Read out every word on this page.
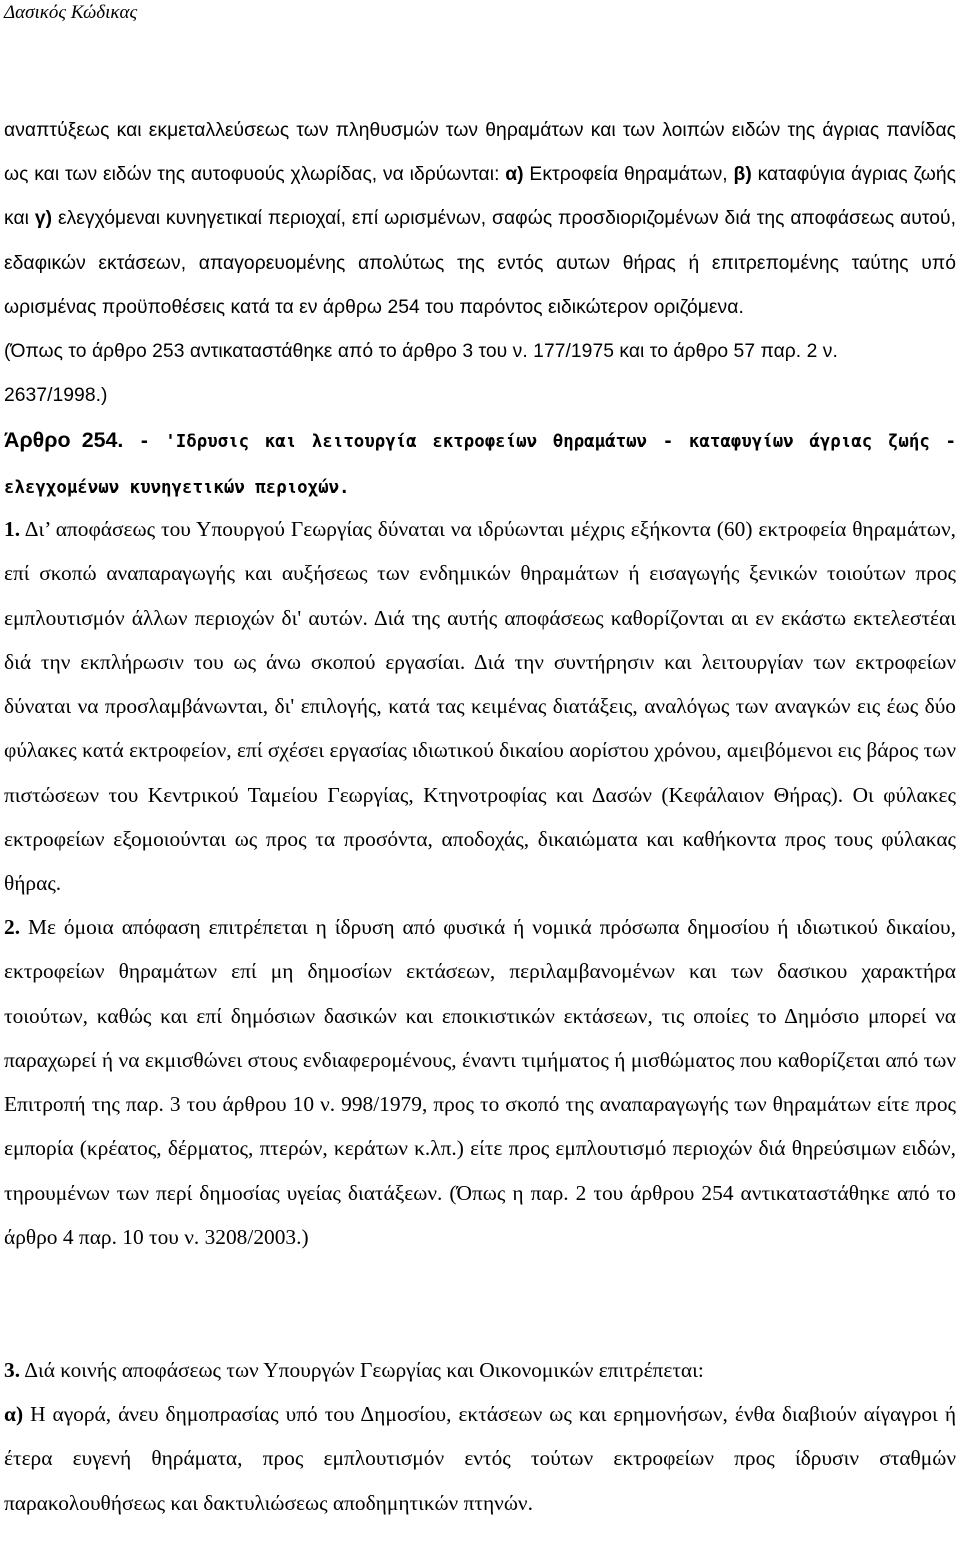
Δασικός Κώδικας

αναπτύξεως και εκμεταλλεύσεως των πληθυσμών των θηραμάτων και των λοιπών ειδών της άγριας πανίδας ως και των ειδών της αυτοφυούς χλωρίδας, να ιδρύωνται: α) Εκτροφεία θηραμάτων, β) καταφύγια άγριας ζωής και γ) ελεγχόμεναι κυνηγετικαί περιοχαί, επί ωρισμένων, σαφώς προσδιοριζομένων διά της αποφάσεως αυτού, εδαφικών εκτάσεων, απαγορευομένης απολύτως της εντός αυτων θήρας ή επιτρεπομένης ταύτης υπό ωρισμένας προϋποθέσεις κατά τα εν άρθρω 254 του παρόντος ειδικώτερον οριζόμενα.

(Όπως το άρθρο 253 αντικαταστάθηκε από το άρθρο 3 του ν. 177/1975 και το άρθρο 57 παρ. 2 ν. 2637/1998.)

Άρθρο 254. - 'Ιδρυσις και λειτουργία εκτροφείων θηραμάτων - καταφυγίων άγριας ζωής - ελεγχομένων κυνηγετικών περιοχών.

1. Δι’ αποφάσεως του Υπουργού Γεωργίας δύναται να ιδρύωνται μέχρις εξήκοντα (60) εκτροφεία θηραμάτων, επί σκοπώ αναπαραγωγής και αυξήσεως των ενδημικών θηραμάτων ή εισαγωγής ξενικών τοιούτων προς εμπλουτισμόν άλλων περιοχών δι' αυτών. Διά της αυτής αποφάσεως καθορίζονται αι εν εκάστω εκτελεστέαι διά την εκπλήρωσιν του ως άνω σκοπού εργασίαι. Διά την συντήρησιν και λειτουργίαν των εκτροφείων δύναται να προσλαμβάνωνται, δι' επιλογής, κατά τας κειμένας διατάξεις, αναλόγως των αναγκών εις έως δύο φύλακες κατά εκτροφείον, επί σχέσει εργασίας ιδιωτικού δικαίου αορίστου χρόνου, αμειβόμενοι εις βάρος των πιστώσεων του Κεντρικού Ταμείου Γεωργίας, Κτηνοτροφίας και Δασών (Κεφάλαιον Θήρας). Οι φύλακες εκτροφείων εξομοιούνται ως προς τα προσόντα, αποδοχάς, δικαιώματα και καθήκοντα προς τους φύλακας θήρας.

2. Με όμοια απόφαση επιτρέπεται η ίδρυση από φυσικά ή νομικά πρόσωπα δημοσίου ή ιδιωτικού δικαίου, εκτροφείων θηραμάτων επί μη δημοσίων εκτάσεων, περιλαμβανομένων και των δασικου χαρακτήρα τοιούτων, καθώς και επί δημόσιων δασικών και εποικιστικών εκτάσεων, τις οποίες το Δημόσιο μπορεί να παραχωρεί ή να εκμισθώνει στους ενδιαφερομένους, έναντι τιμήματος ή μισθώματος που καθορίζεται από των Επιτροπή της παρ. 3 του άρθρου 10 ν. 998/1979, προς το σκοπό της αναπαραγωγής των θηραμάτων είτε προς εμπορία (κρέατος, δέρματος, πτερών, κεράτων κ.λπ.) είτε προς εμπλουτισμό περιοχών διά θηρεύσιμων ειδών, τηρουμένων των περί δημοσίας υγείας διατάξεων. (Όπως η παρ. 2 του άρθρου 254 αντικαταστάθηκε από το άρθρο 4 παρ. 10 του ν. 3208/2003.)

3. Διά κοινής αποφάσεως των Υπουργών Γεωργίας και Οικονομικών επιτρέπεται:

α) Η αγορά, άνευ δημοπρασίας υπό του Δημοσίου, εκτάσεων ως και ερημονήσων, ένθα διαβιούν αίγαγροι ή έτερα ευγενή θηράματα, προς εμπλουτισμόν εντός τούτων εκτροφείων προς ίδρυσιν σταθμών παρακολουθήσεως και δακτυλιώσεως αποδημητικών πτηνών.
